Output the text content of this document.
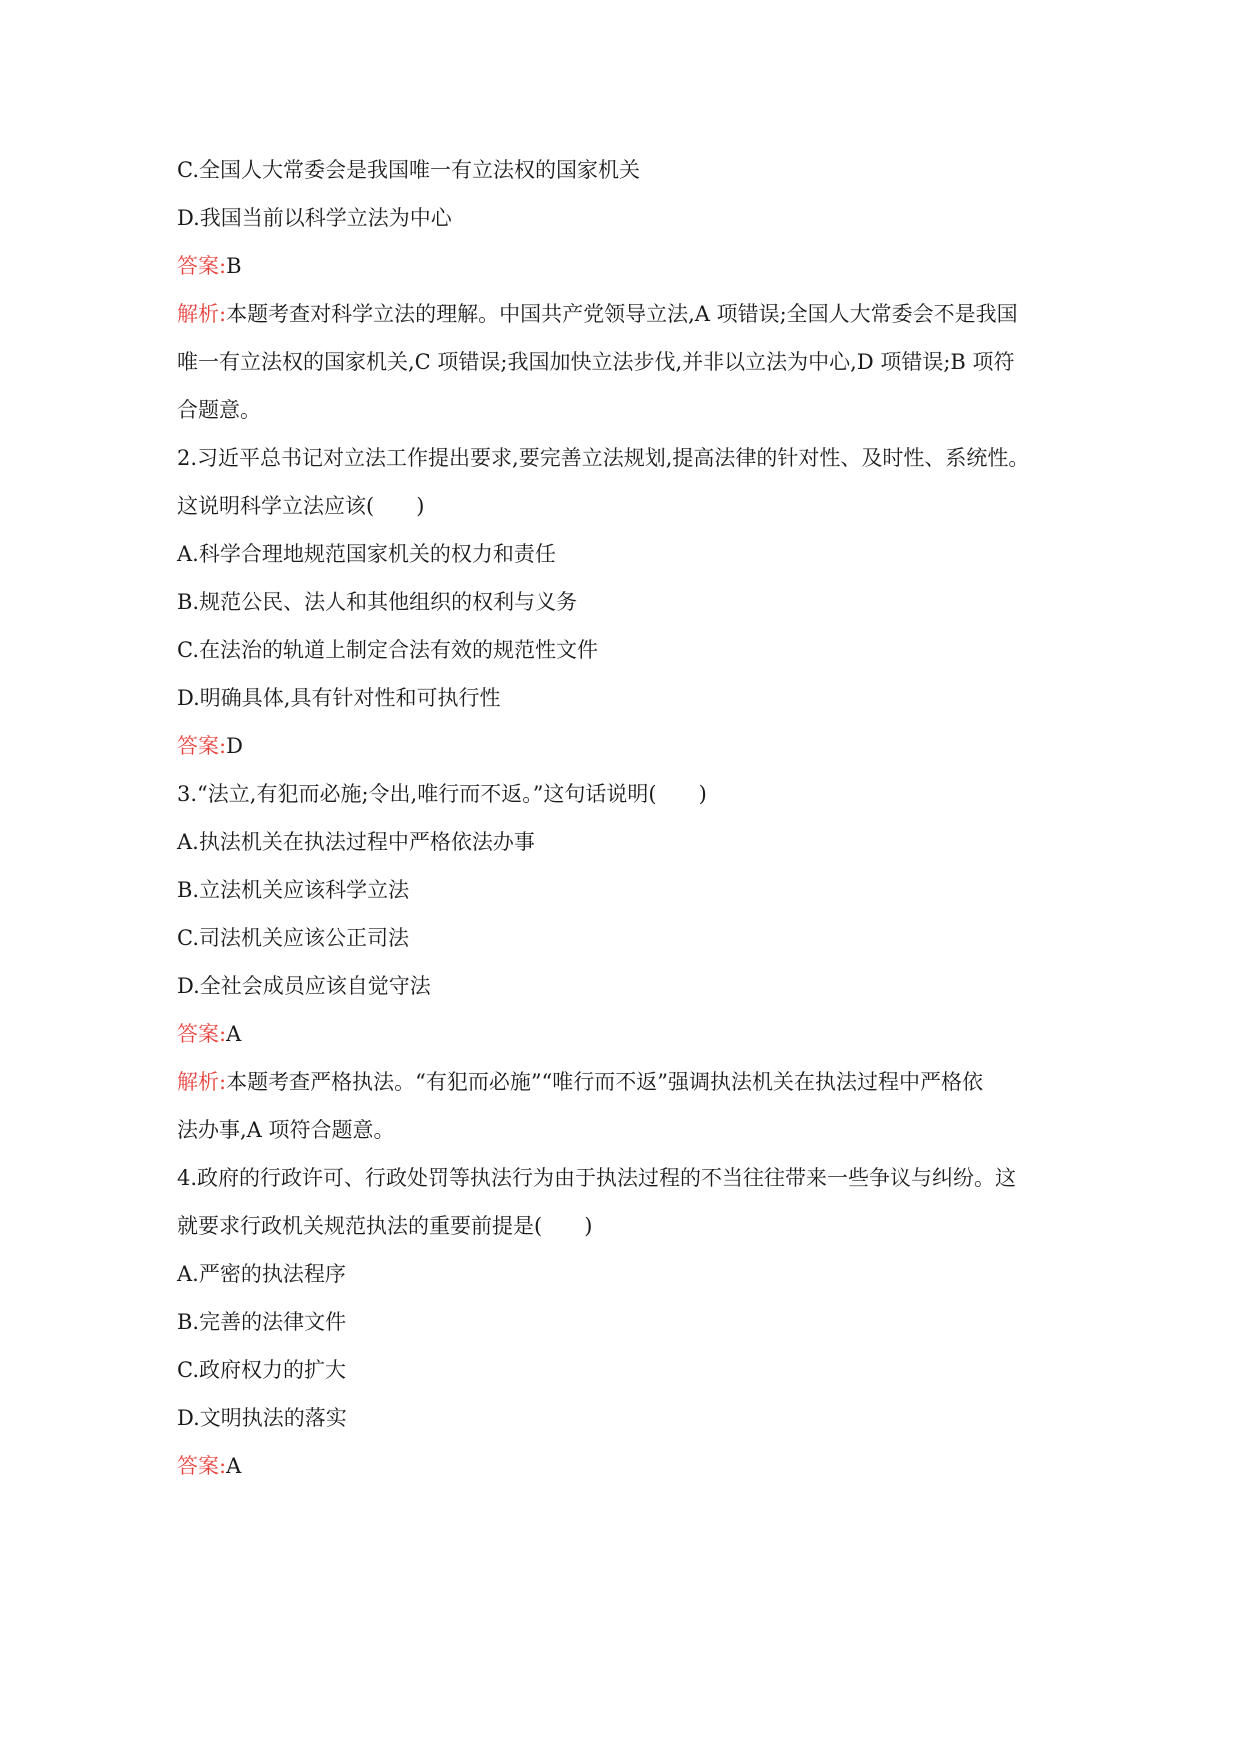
C.全国人大常委会是我国唯一有立法权的国家机关
D.我国当前以科学立法为中心
答案:B
解析:本题考查对科学立法的理解。中国共产党领导立法,A 项错误;全国人大常委会不是我国
唯一有立法权的国家机关,C 项错误;我国加快立法步伐,并非以立法为中心,D 项错误;B 项符
合题意。
2.习近平总书记对立法工作提出要求,要完善立法规划,提高法律的针对性、及时性、系统性。
这说明科学立法应该(　　)
A.科学合理地规范国家机关的权力和责任
B.规范公民、法人和其他组织的权利与义务
C.在法治的轨道上制定合法有效的规范性文件
D.明确具体,具有针对性和可执行性
答案:D
3.“法立,有犯而必施;令出,唯行而不返。”这句话说明(　　)
A.执法机关在执法过程中严格依法办事
B.立法机关应该科学立法
C.司法机关应该公正司法
D.全社会成员应该自觉守法
答案:A
解析:本题考查严格执法。“有犯而必施”“唯行而不返”强调执法机关在执法过程中严格依
法办事,A 项符合题意。
4.政府的行政许可、行政处罚等执法行为由于执法过程的不当往往带来一些争议与纠纷。这
就要求行政机关规范执法的重要前提是(　　)
A.严密的执法程序
B.完善的法律文件
C.政府权力的扩大
D.文明执法的落实
答案:A
